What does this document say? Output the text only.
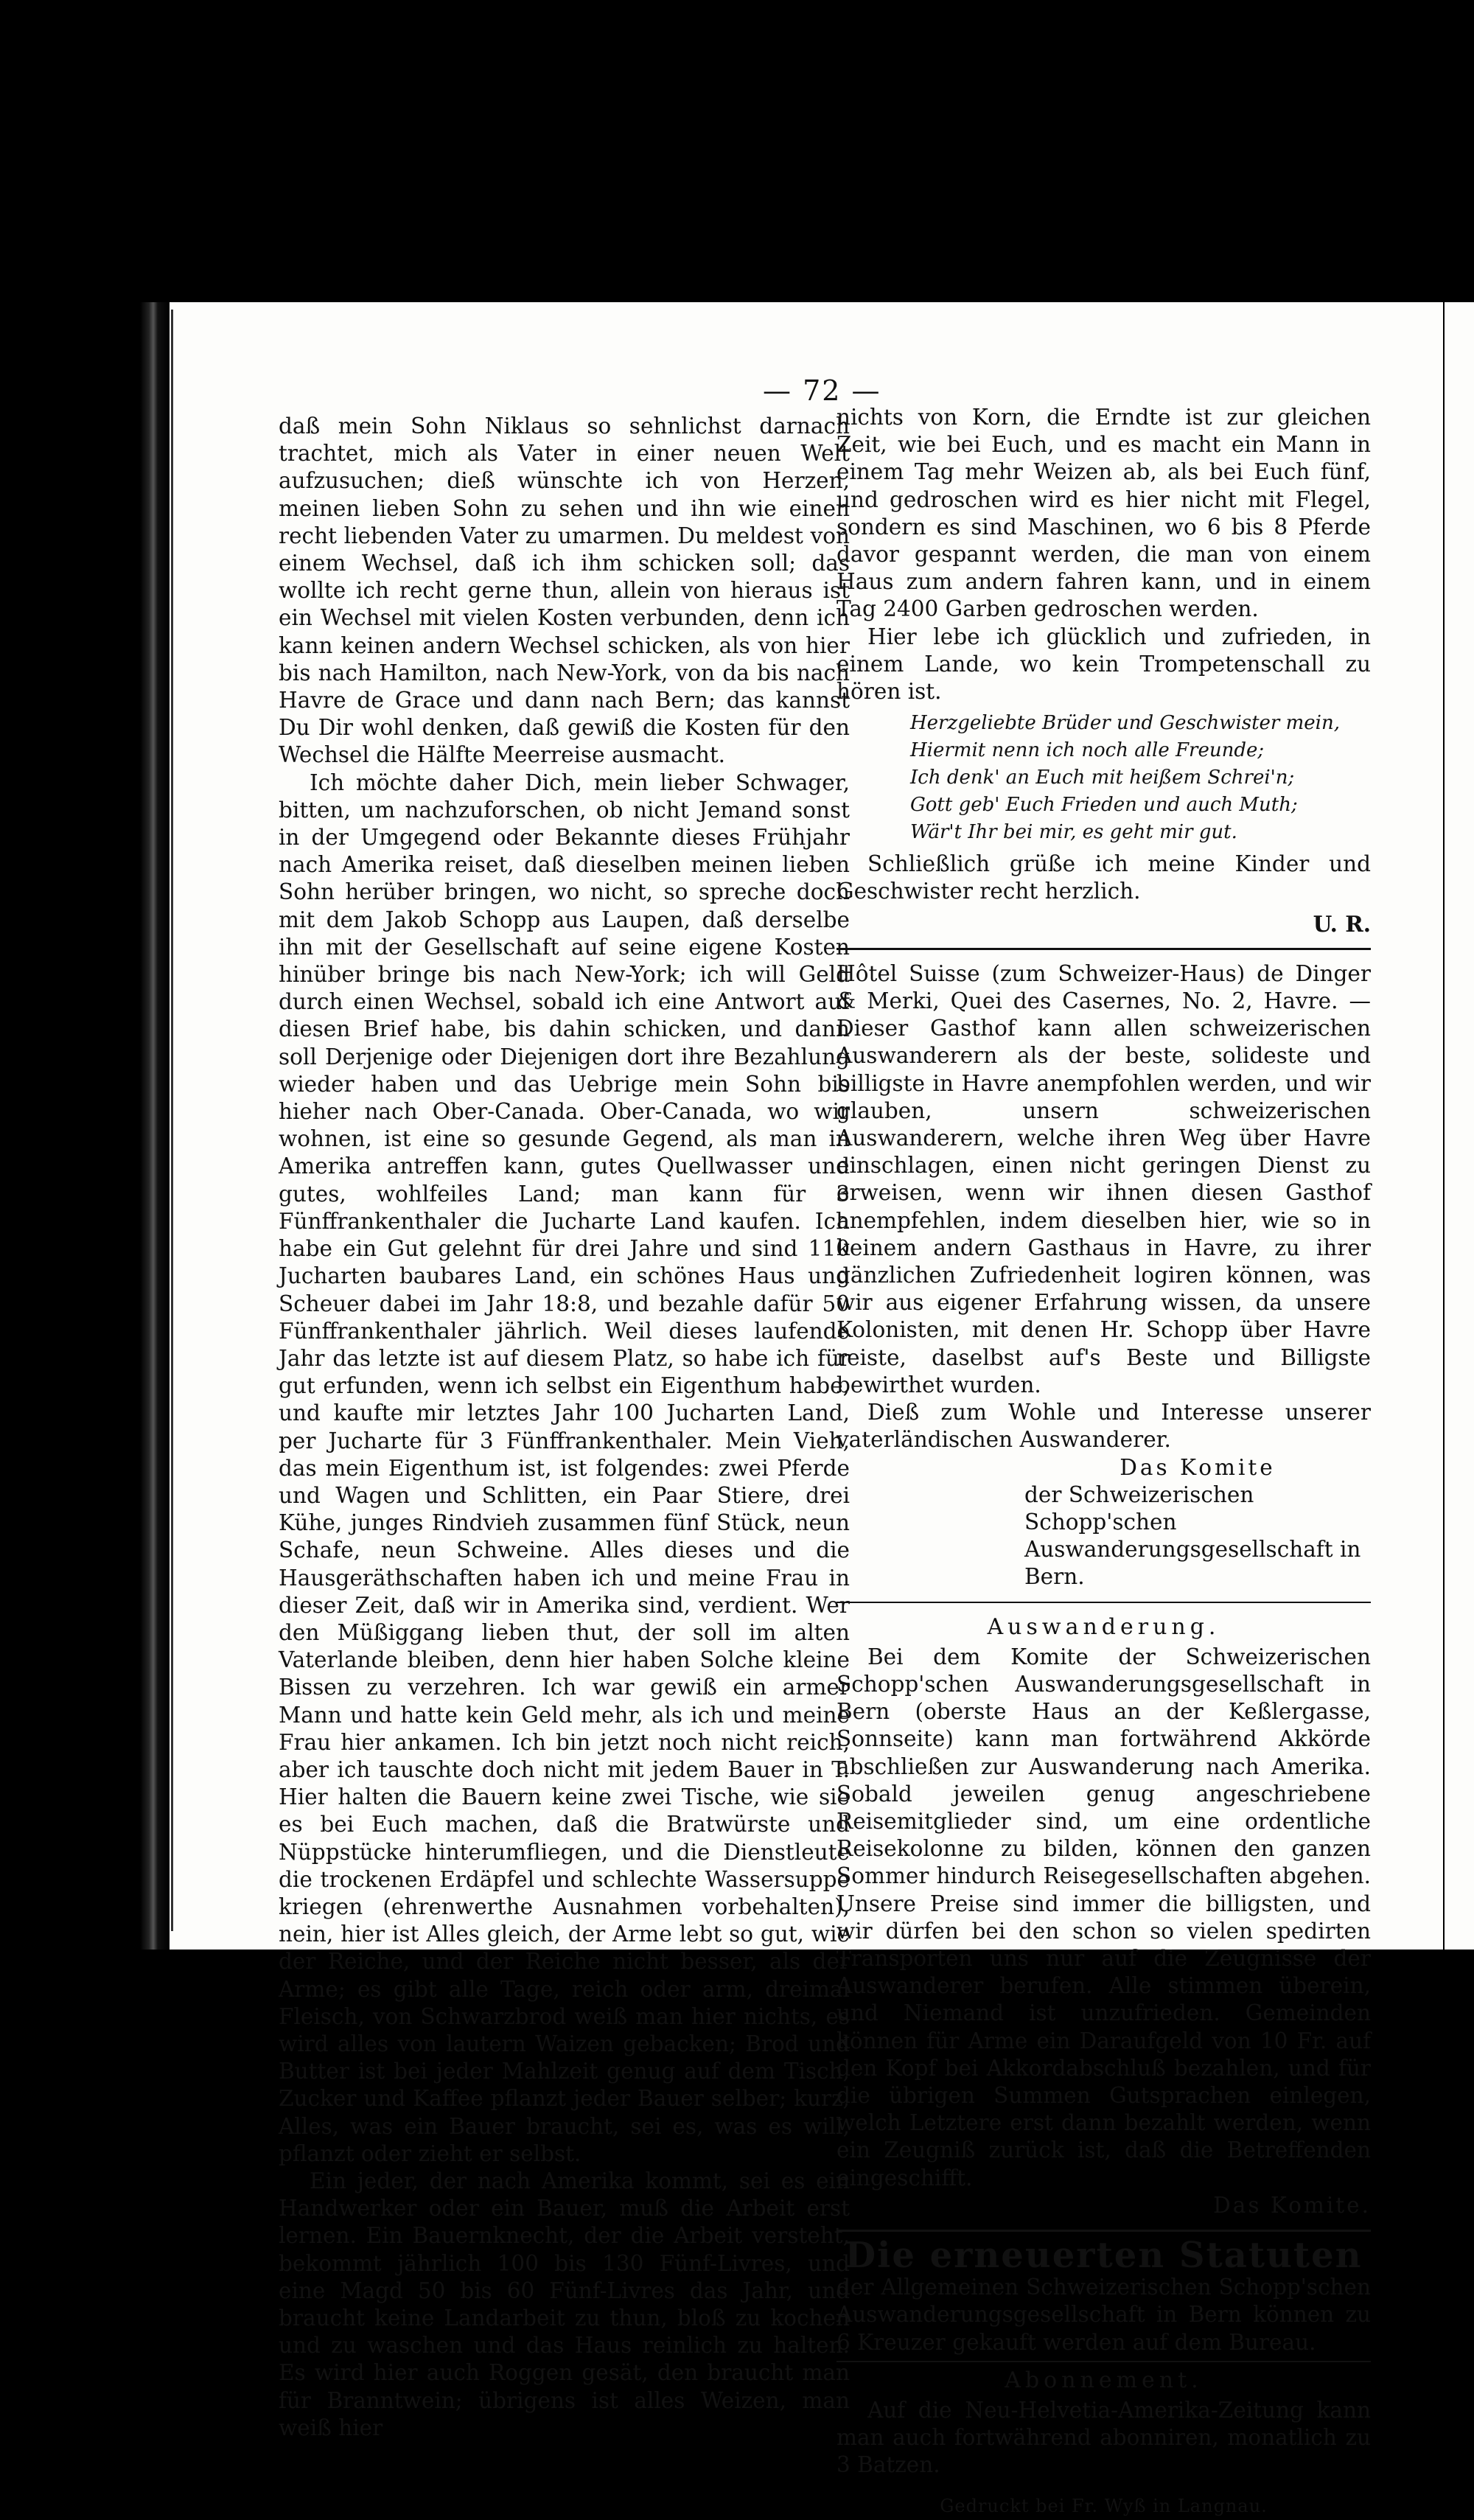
— 72 —

daß mein Sohn Niklaus so sehnlichst darnach trachtet, mich als Vater in einer neuen Welt aufzusuchen; dieß wünschte ich von Herzen, meinen lieben Sohn zu sehen und ihn wie einen recht liebenden Vater zu umarmen. Du meldest von einem Wechsel, daß ich ihm schicken soll; das wollte ich recht gerne thun, allein von hieraus ist ein Wechsel mit vielen Kosten verbunden, denn ich kann keinen andern Wechsel schicken, als von hier bis nach Hamilton, nach New-York, von da bis nach Havre de Grace und dann nach Bern; das kannst Du Dir wohl denken, daß gewiß die Kosten für den Wechsel die Hälfte Meerreise ausmacht.

Ich möchte daher Dich, mein lieber Schwager, bitten, um nachzuforschen, ob nicht Jemand sonst in der Umgegend oder Bekannte dieses Frühjahr nach Amerika reiset, daß dieselben meinen lieben Sohn herüber bringen, wo nicht, so spreche doch mit dem Jakob Schopp aus Laupen, daß derselbe ihn mit der Gesellschaft auf seine eigene Kosten hinüber bringe bis nach New-York; ich will Geld durch einen Wechsel, sobald ich eine Antwort auf diesen Brief habe, bis dahin schicken, und dann soll Derjenige oder Diejenigen dort ihre Bezahlung wieder haben und das Uebrige mein Sohn bis hieher nach Ober-Canada. Ober-Canada, wo wir wohnen, ist eine so gesunde Gegend, als man in Amerika antreffen kann, gutes Quellwasser und gutes, wohlfeiles Land; man kann für 3 Fünffrankenthaler die Jucharte Land kaufen. Ich habe ein Gut gelehnt für drei Jahre und sind 110 Jucharten baubares Land, ein schönes Haus und Scheuer dabei im Jahr 18:8, und bezahle dafür 50 Fünffrankenthaler jährlich. Weil dieses laufende Jahr das letzte ist auf diesem Platz, so habe ich für gut erfunden, wenn ich selbst ein Eigenthum habe, und kaufte mir letztes Jahr 100 Jucharten Land, per Jucharte für 3 Fünffrankenthaler. Mein Vieh, das mein Eigenthum ist, ist folgendes: zwei Pferde und Wagen und Schlitten, ein Paar Stiere, drei Kühe, junges Rindvieh zusammen fünf Stück, neun Schafe, neun Schweine. Alles dieses und die Hausgeräthschaften haben ich und meine Frau in dieser Zeit, daß wir in Amerika sind, verdient. Wer den Müßiggang lieben thut, der soll im alten Vaterlande bleiben, denn hier haben Solche kleine Bissen zu verzehren. Ich war gewiß ein armer Mann und hatte kein Geld mehr, als ich und meine Frau hier ankamen. Ich bin jetzt noch nicht reich, aber ich tauschte doch nicht mit jedem Bauer in T. Hier halten die Bauern keine zwei Tische, wie sie es bei Euch machen, daß die Bratwürste und Nüppstücke hinterumfliegen, und die Dienstleute die trockenen Erdäpfel und schlechte Wassersuppe kriegen (ehrenwerthe Ausnahmen vorbehalten), nein, hier ist Alles gleich, der Arme lebt so gut, wie der Reiche, und der Reiche nicht besser, als der Arme; es gibt alle Tage, reich oder arm, dreimal Fleisch, von Schwarzbrod weiß man hier nichts, es wird alles von lautern Waizen gebacken; Brod und Butter ist bei jeder Mahlzeit genug auf dem Tisch, Zucker und Kaffee pflanzt jeder Bauer selber; kurz, Alles, was ein Bauer braucht, sei es, was es will, pflanzt oder zieht er selbst.

Ein jeder, der nach Amerika kommt, sei es ein Handwerker oder ein Bauer, muß die Arbeit erst lernen. Ein Bauernknecht, der die Arbeit versteht, bekommt jährlich 100 bis 130 Fünf-Livres, und eine Magd 50 bis 60 Fünf-Livres das Jahr, und braucht keine Landarbeit zu thun, bloß zu kochen und zu waschen und das Haus reinlich zu halten. Es wird hier auch Roggen gesät, den braucht man für Branntwein; übrigens ist alles Weizen, man weiß hier

nichts von Korn, die Erndte ist zur gleichen Zeit, wie bei Euch, und es macht ein Mann in einem Tag mehr Weizen ab, als bei Euch fünf, und gedroschen wird es hier nicht mit Flegel, sondern es sind Maschinen, wo 6 bis 8 Pferde davor gespannt werden, die man von einem Haus zum andern fahren kann, und in einem Tag 2400 Garben gedroschen werden.

Hier lebe ich glücklich und zufrieden, in einem Lande, wo kein Trompetenschall zu hören ist.

Herzgeliebte Brüder und Geschwister mein,
Hiermit nenn ich noch alle Freunde;
Ich denk' an Euch mit heißem Schrei'n;
Gott geb' Euch Frieden und auch Muth;
Wär't Ihr bei mir, es geht mir gut.

Schließlich grüße ich meine Kinder und Geschwister recht herzlich.

U. R.

Hôtel Suisse (zum Schweizer-Haus) de Dinger & Merki, Quei des Casernes, No. 2, Havre. — Dieser Gasthof kann allen schweizerischen Auswanderern als der beste, solideste und billigste in Havre anempfohlen werden, und wir glauben, unsern schweizerischen Auswanderern, welche ihren Weg über Havre einschlagen, einen nicht geringen Dienst zu erweisen, wenn wir ihnen diesen Gasthof anempfehlen, indem dieselben hier, wie so in keinem andern Gasthaus in Havre, zu ihrer gänzlichen Zufriedenheit logiren können, was wir aus eigener Erfahrung wissen, da unsere Kolonisten, mit denen Hr. Schopp über Havre reiste, daselbst auf's Beste und Billigste bewirthet wurden.

Dieß zum Wohle und Interesse unserer vaterländischen Auswanderer.

Das Komite
der Schweizerischen Schopp'schen Auswanderungsgesellschaft in Bern.
Auswanderung.

Bei dem Komite der Schweizerischen Schopp'schen Auswanderungsgesellschaft in Bern (oberste Haus an der Keßlergasse, Sonnseite) kann man fortwährend Akkörde abschließen zur Auswanderung nach Amerika. Sobald jeweilen genug angeschriebene Reisemitglieder sind, um eine ordentliche Reisekolonne zu bilden, können den ganzen Sommer hindurch Reisegesellschaften abgehen. Unsere Preise sind immer die billigsten, und wir dürfen bei den schon so vielen spedirten Transporten uns nur auf die Zeugnisse der Auswanderer berufen. Alle stimmen überein, und Niemand ist unzufrieden. Gemeinden können für Arme ein Daraufgeld von 10 Fr. auf den Kopf bei Akkordabschluß bezahlen, und für die übrigen Summen Gutsprachen einlegen, welch Letztere erst dann bezahlt werden, wenn ein Zeugniß zurück ist, daß die Betreffenden eingeschifft.

Das Komite.
Die erneuerten Statuten

der Allgemeinen Schweizerischen Schopp'schen Auswanderungsgesellschaft in Bern können zu 6 Kreuzer gekauft werden auf dem Bureau.

Abonnement.

Auf die Neu-Helvetia-Amerika-Zeitung kann man auch fortwährend abonniren, monatlich zu 3 Batzen.

Gedruckt bei Fr. Wyß in Langnau.
